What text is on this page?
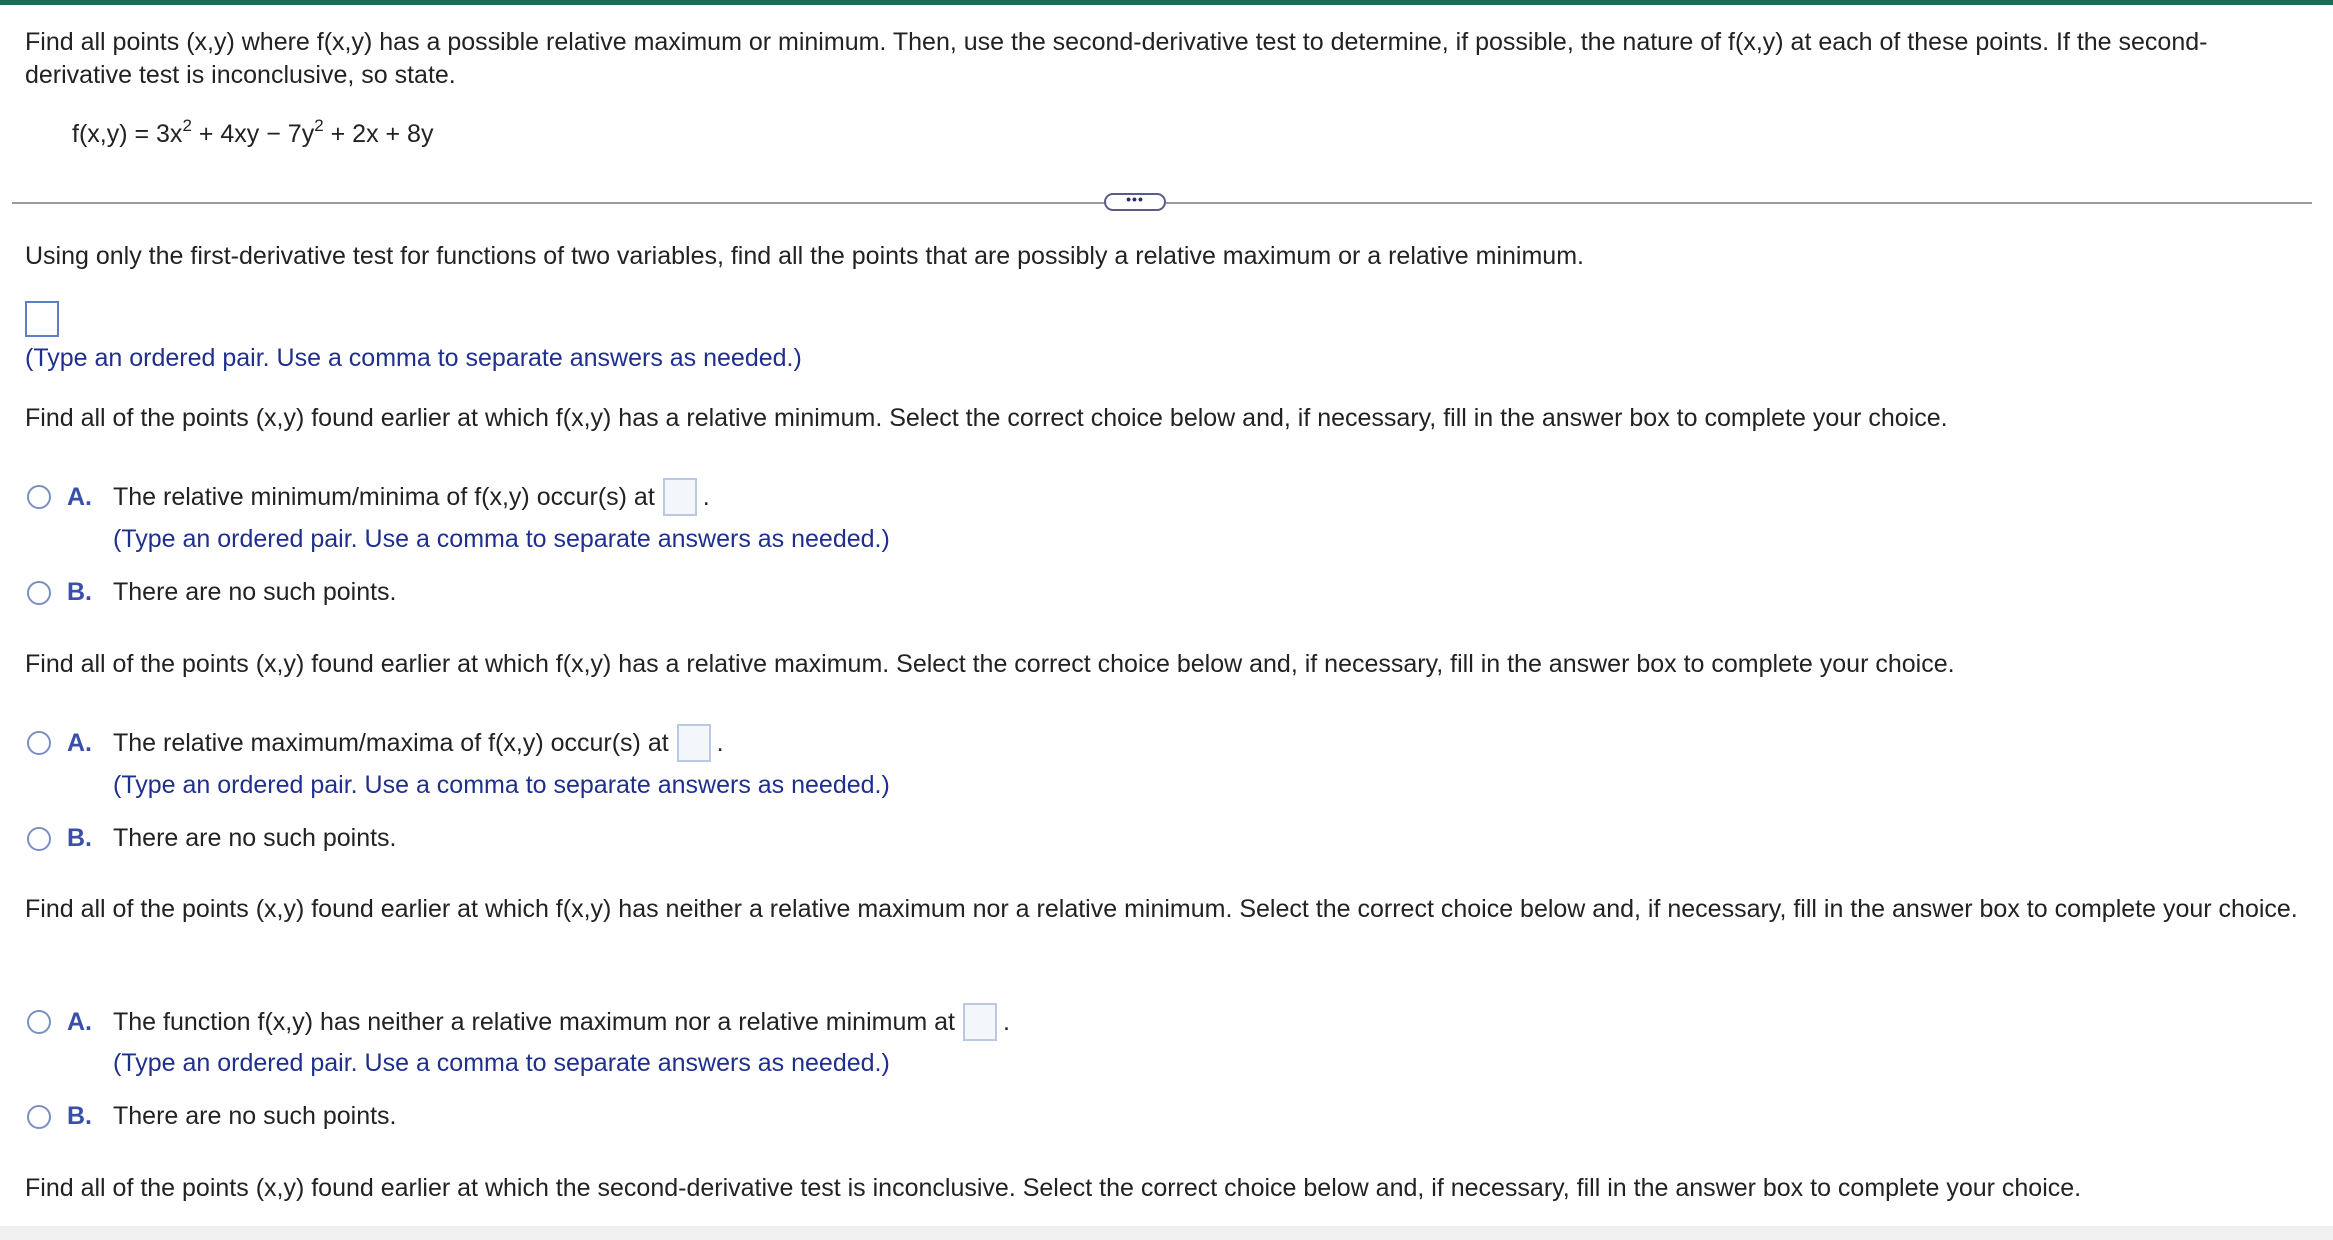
Find all points (x,y) where f(x,y) has a possible relative maximum or minimum. Then, use the second-derivative test to determine, if possible, the nature of f(x,y) at each of these points. If the second-derivative test is inconclusive, so state.
$f(x,y) = 3x^2 + 4xy - 7y^2 + 2x + 8y$
•••
Using only the first-derivative test for functions of two variables, find all the points that are possibly a relative maximum or a relative minimum.
(Type an ordered pair. Use a comma to separate answers as needed.)
Find all of the points (x,y) found earlier at which f(x,y) has a relative minimum. Select the correct choice below and, if necessary, fill in the answer box to complete your choice.
A. The relative minimum/minima of f(x,y) occur(s) at .
(Type an ordered pair. Use a comma to separate answers as needed.)
B. There are no such points.
Find all of the points (x,y) found earlier at which f(x,y) has a relative maximum. Select the correct choice below and, if necessary, fill in the answer box to complete your choice.
A. The relative maximum/maxima of f(x,y) occur(s) at .
(Type an ordered pair. Use a comma to separate answers as needed.)
B. There are no such points.
Find all of the points (x,y) found earlier at which f(x,y) has neither a relative maximum nor a relative minimum. Select the correct choice below and, if necessary, fill in the answer box to complete your choice.
A. The function f(x,y) has neither a relative maximum nor a relative minimum at .
(Type an ordered pair. Use a comma to separate answers as needed.)
B. There are no such points.
Find all of the points (x,y) found earlier at which the second-derivative test is inconclusive. Select the correct choice below and, if necessary, fill in the answer box to complete your choice.
